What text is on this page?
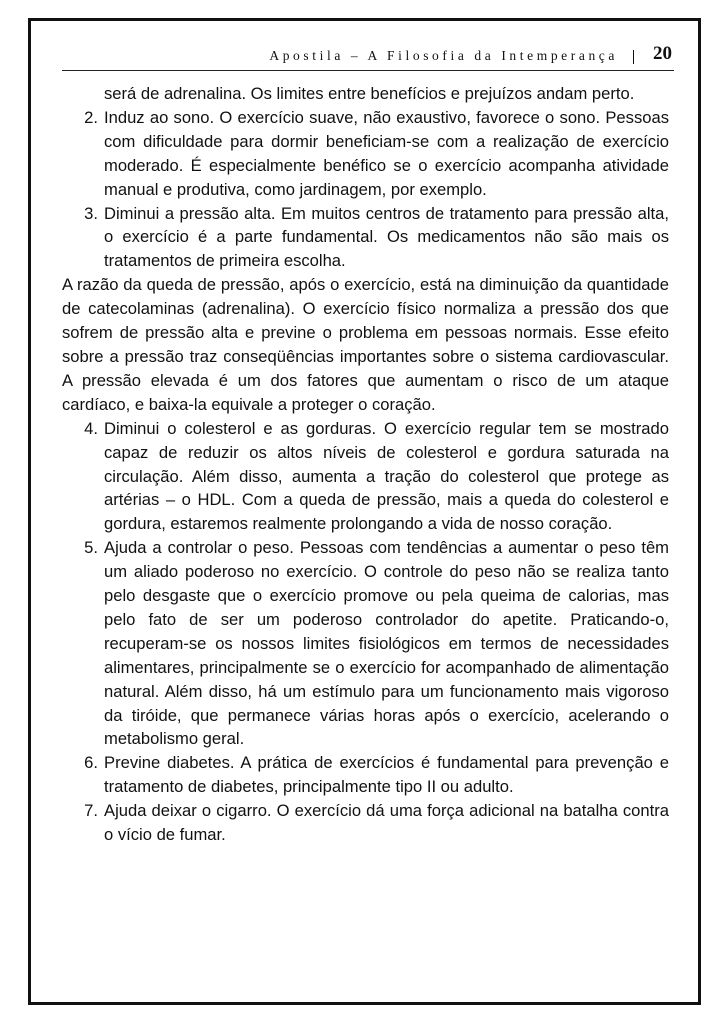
Apostila – A Filosofia da Intemperança 20

será de adrenalina. Os limites entre benefícios e prejuízos andam perto.

2. Induz ao sono. O exercício suave, não exaustivo, favorece o sono. Pessoas com dificuldade para dormir beneficiam-se com a realização de exercício moderado. É especialmente benéfico se o exercício acompanha atividade manual e produtiva, como jardinagem, por exemplo.
3. Diminui a pressão alta. Em muitos centros de tratamento para pressão alta, o exercício é a parte fundamental. Os medicamentos não são mais os tratamentos de primeira escolha.

A razão da queda de pressão, após o exercício, está na diminuição da quantidade de catecolaminas (adrenalina). O exercício físico normaliza a pressão dos que sofrem de pressão alta e previne o problema em pessoas normais. Esse efeito sobre a pressão traz conseqüências importantes sobre o sistema cardiovascular. A pressão elevada é um dos fatores que aumentam o risco de um ataque cardíaco, e baixa-la equivale a proteger o coração.

4. Diminui o colesterol e as gorduras. O exercício regular tem se mostrado capaz de reduzir os altos níveis de colesterol e gordura saturada na circulação. Além disso, aumenta a tração do colesterol que protege as artérias – o HDL. Com a queda de pressão, mais a queda do colesterol e gordura, estaremos realmente prolongando a vida de nosso coração.
5. Ajuda a controlar o peso. Pessoas com tendências a aumentar o peso têm um aliado poderoso no exercício. O controle do peso não se realiza tanto pelo desgaste que o exercício promove ou pela queima de calorias, mas pelo fato de ser um poderoso controlador do apetite. Praticando-o, recuperam-se os nossos limites fisiológicos em termos de necessidades alimentares, principalmente se o exercício for acompanhado de alimentação natural. Além disso, há um estímulo para um funcionamento mais vigoroso da tiróide, que permanece várias horas após o exercício, acelerando o metabolismo geral.
6. Previne diabetes. A prática de exercícios é fundamental para prevenção e tratamento de diabetes, principalmente tipo II ou adulto.
7. Ajuda deixar o cigarro. O exercício dá uma força adicional na batalha contra o vício de fumar.
